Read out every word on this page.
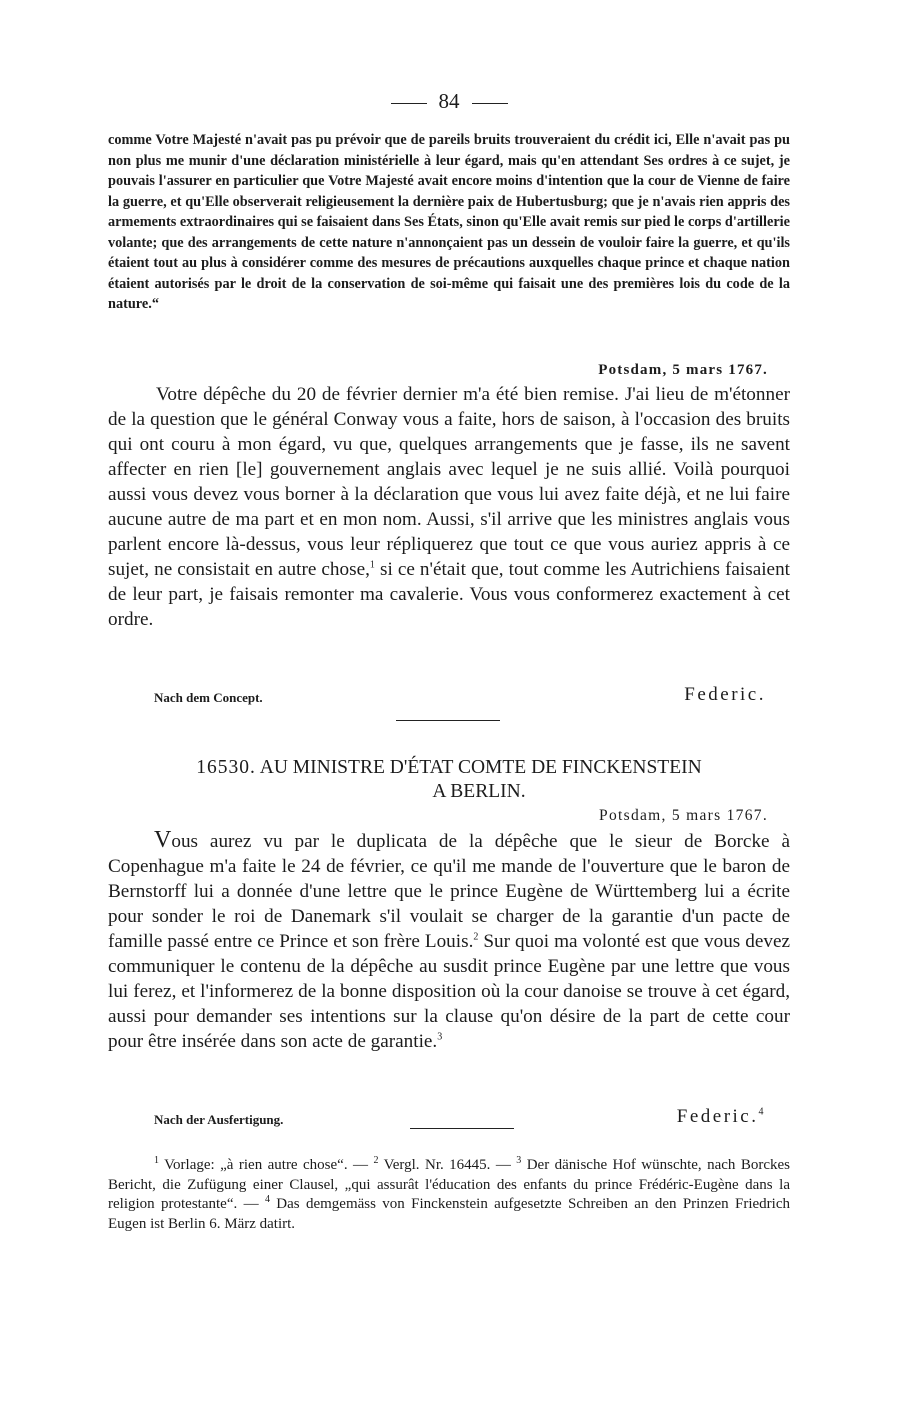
84
comme Votre Majesté n'avait pas pu prévoir que de pareils bruits trouveraient du crédit ici, Elle n'avait pas pu non plus me munir d'une déclaration ministérielle à leur égard, mais qu'en attendant Ses ordres à ce sujet, je pouvais l'assurer en particulier que Votre Majesté avait encore moins d'intention que la cour de Vienne de faire la guerre, et qu'Elle observerait religieusement la dernière paix de Hubertusburg; que je n'avais rien appris des armements extraordinaires qui se faisaient dans Ses États, sinon qu'Elle avait remis sur pied le corps d'artillerie volante; que des arrangements de cette nature n'annonçaient pas un dessein de vouloir faire la guerre, et qu'ils étaient tout au plus à considérer comme des mesures de précautions auxquelles chaque prince et chaque nation étaient autorisés par le droit de la conservation de soi-même qui faisait une des premières lois du code de la nature.“
Potsdam, 5 mars 1767.

Votre dépêche du 20 de février dernier m'a été bien remise. J'ai lieu de m'étonner de la question que le général Conway vous a faite, hors de saison, à l'occasion des bruits qui ont couru à mon égard, vu que, quelques arrangements que je fasse, ils ne savent affecter en rien [le] gouvernement anglais avec lequel je ne suis allié. Voilà pourquoi aussi vous devez vous borner à la déclaration que vous lui avez faite déjà, et ne lui faire aucune autre de ma part et en mon nom. Aussi, s'il arrive que les ministres anglais vous parlent encore là-dessus, vous leur répliquerez que tout ce que vous auriez appris à ce sujet, ne consistait en autre chose,$^1$ si ce n'était que, tout comme les Autrichiens faisaient de leur part, je faisais remonter ma cavalerie. Vous vous conformerez exactement à cet ordre.

Nach dem Concept.	Federic.
16530. AU MINISTRE D'ÉTAT COMTE DE FINCKENSTEIN
A BERLIN.
Potsdam, 5 mars 1767.

Vous aurez vu par le duplicata de la dépêche que le sieur de Borcke à Copenhague m'a faite le 24 de février, ce qu'il me mande de l'ouverture que le baron de Bernstorff lui a donnée d'une lettre que le prince Eugène de Württemberg lui a écrite pour sonder le roi de Danemark s'il voulait se charger de la garantie d'un pacte de famille passé entre ce Prince et son frère Louis.$^2$ Sur quoi ma volonté est que vous devez communiquer le contenu de la dépêche au susdit prince Eugène par une lettre que vous lui ferez, et l'informerez de la bonne disposition où la cour danoise se trouve à cet égard, aussi pour demander ses intentions sur la clause qu'on désire de la part de cette cour pour être insérée dans son acte de garantie.$^3$

Nach der Ausfertigung.	Federic.$^4$

$^1$ Vorlage: „à rien autre chose“. — $^2$ Vergl. Nr. 16445. — $^3$ Der dänische Hof wünschte, nach Borckes Bericht, die Zufügung einer Clausel, „qui assurât l'éducation des enfants du prince Frédéric-Eugène dans la religion protestante“. — $^4$ Das demgemäss von Finckenstein aufgesetzte Schreiben an den Prinzen Friedrich Eugen ist Berlin 6. März datirt.
